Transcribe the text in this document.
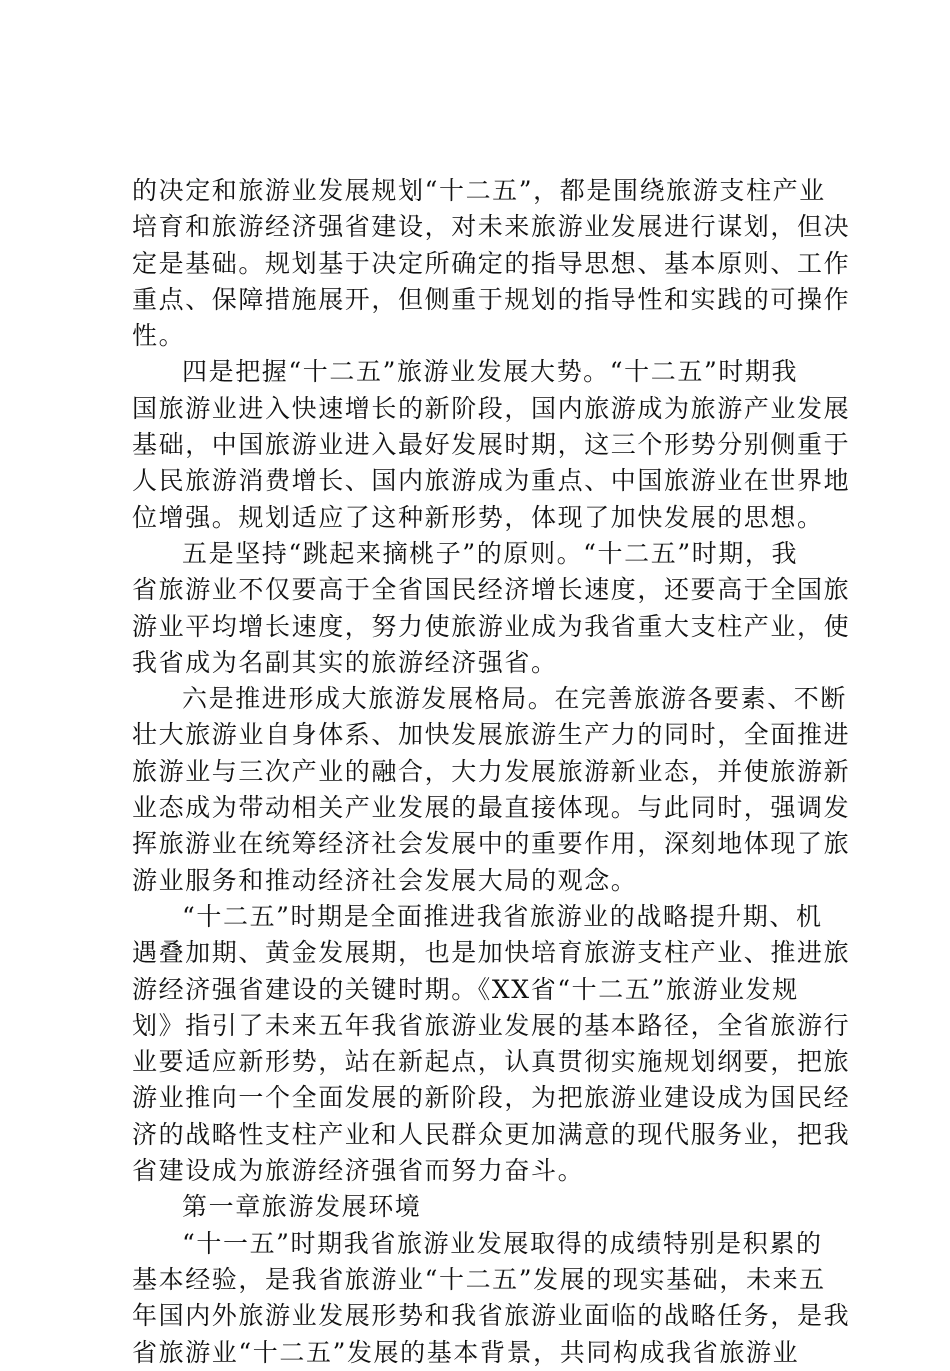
的决定和旅游业发展规划“十二五”，都是围绕旅游支柱产业
培育和旅游经济强省建设，对未来旅游业发展进行谋划，但决
定是基础。规划基于决定所确定的指导思想、基本原则、工作
重点、保障措施展开，但侧重于规划的指导性和实践的可操作
性。
四是把握“十二五”旅游业发展大势。“十二五”时期我
国旅游业进入快速增长的新阶段，国内旅游成为旅游产业发展
基础，中国旅游业进入最好发展时期，这三个形势分别侧重于
人民旅游消费增长、国内旅游成为重点、中国旅游业在世界地
位增强。规划适应了这种新形势，体现了加快发展的思想。
五是坚持“跳起来摘桃子”的原则。“十二五”时期，我
省旅游业不仅要高于全省国民经济增长速度，还要高于全国旅
游业平均增长速度，努力使旅游业成为我省重大支柱产业，使
我省成为名副其实的旅游经济强省。
六是推进形成大旅游发展格局。在完善旅游各要素、不断
壮大旅游业自身体系、加快发展旅游生产力的同时，全面推进
旅游业与三次产业的融合，大力发展旅游新业态，并使旅游新
业态成为带动相关产业发展的最直接体现。与此同时，强调发
挥旅游业在统筹经济社会发展中的重要作用，深刻地体现了旅
游业服务和推动经济社会发展大局的观念。
“十二五”时期是全面推进我省旅游业的战略提升期、机
遇叠加期、黄金发展期，也是加快培育旅游支柱产业、推进旅
游经济强省建设的关键时期。《XX省“十二五”旅游业发规
划》指引了未来五年我省旅游业发展的基本路径，全省旅游行
业要适应新形势，站在新起点，认真贯彻实施规划纲要，把旅
游业推向一个全面发展的新阶段，为把旅游业建设成为国民经
济的战略性支柱产业和人民群众更加满意的现代服务业，把我
省建设成为旅游经济强省而努力奋斗。
第一章旅游发展环境
“十一五”时期我省旅游业发展取得的成绩特别是积累的
基本经验，是我省旅游业“十二五”发展的现实基础，未来五
年国内外旅游业发展形势和我省旅游业面临的战略任务，是我
省旅游业“十二五”发展的基本背景，共同构成我省旅游业
